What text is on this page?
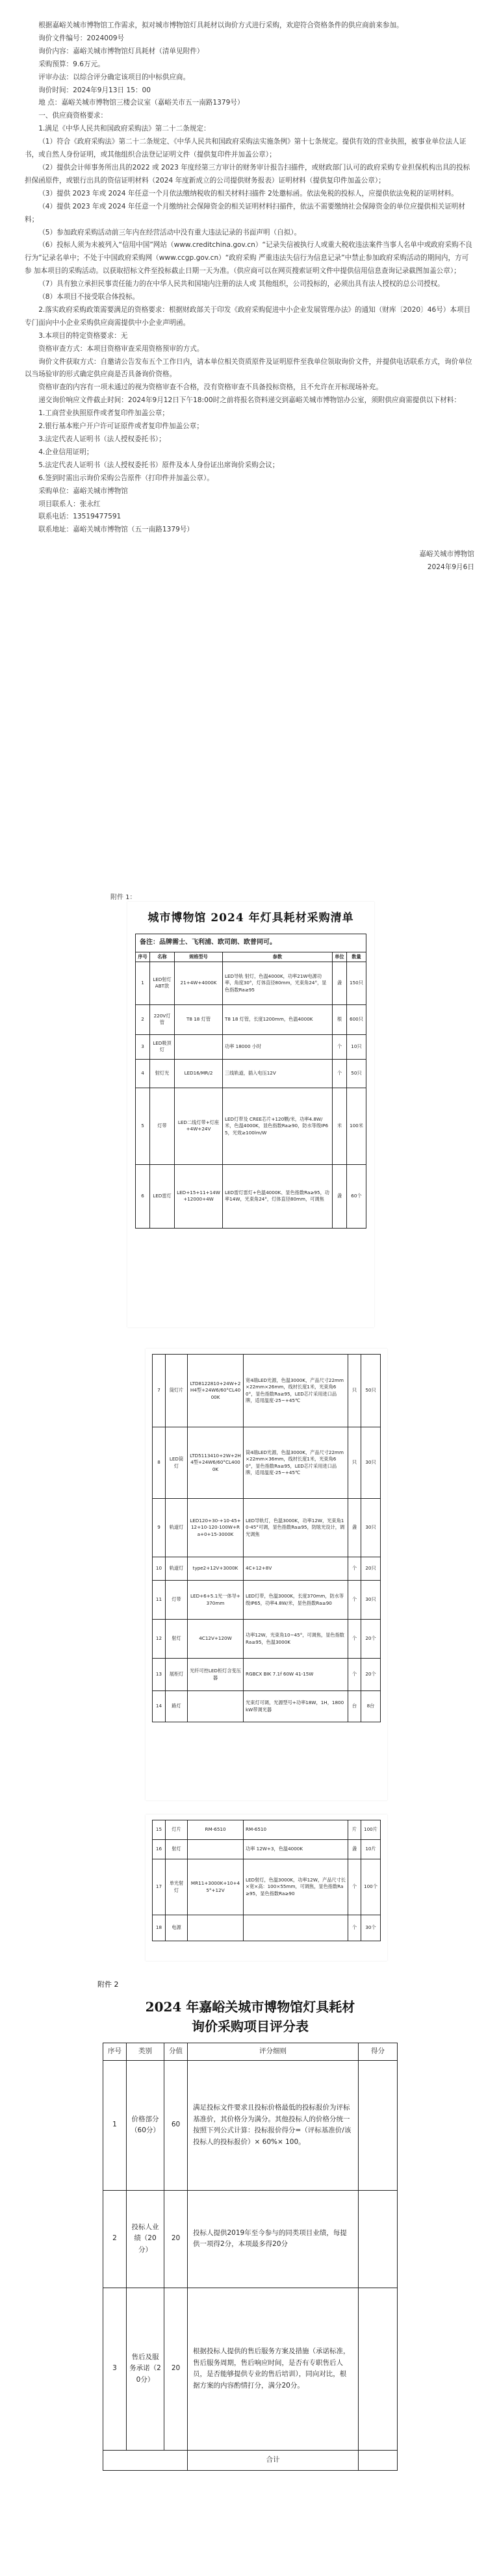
根据嘉峪关城市博物馆工作需求，拟对城市博物馆灯具耗材以询价方式进行采购，欢迎符合资格条件的供应商前来参加。

询价文件编号：2024009号

询价内容：嘉峪关城市博物馆灯具耗材（清单见附件）

采购预算：9.6万元。

评审办法：以综合评分确定该项目的中标供应商。

询价时间：2024年9月13日 15：00

地 点：嘉峪关城市博物馆三楼会议室（嘉峪关市五一南路1379号）

一、供应商资格要求：

1.满足《中华人民共和国政府采购法》第二十二条规定：

（1）符合《政府采购法》第二十二条规定、《中华人民共和国政府采购法实施条例》第十七条规定。提供有效的营业执照，被事业单位法人证书，或自然人身份证明，或其他组织合法登记证明文件（提供复印件并加盖公章）；

（2）提供会计师事务所出具的2022 或 2023 年度经第三方审计的财务审计报告扫描件，或财政部门认可的政府采购专业担保机构出具的投标担保函原件，或银行出具的资信证明材料（2024 年度新成立的公司提供财务报表）证明材料（提供复印件加盖公章）；

（3）提供 2023 年或 2024 年任意一个月依法缴纳税收的相关材料扫描件 2处邀标函。依法免税的投标人，应提供依法免税的证明材料。

（4）提供 2023 年或 2024 年任意一个月缴纳社会保障资金的相关证明材料扫描件，依法不需要缴纳社会保障资金的单位应提供相关证明材料；

（5）参加政府采购活动前三年内在经营活动中没有重大违法记录的书面声明（自拟）。

（6）投标人须为未被列入“信用中国”网站（www.creditchina.gov.cn）“记录失信被执行人或重大税收违法案件当事人名单中或政府采购不良行为”记录名单中；不处于中国政府采购网（www.ccgp.gov.cn）“政府采购 严重违法失信行为信息记录”中禁止参加政府采购活动的期间内，方可参 加本项目的采购活动。以获取招标文件至投标截止日期一天为准。（供应商可以在网页搜索证明文件中提供信用信息查询记录截图加盖公章）；

（7）具有独立承担民事责任能力的在中华人民共和国境内注册的法人或 其他组织，公司投标的，必须出具有法人授权的总公司授权。

（8）本项目不接受联合体投标。

2.落实政府采购政策需要满足的资格要求：根据财政部关于印发《政府采购促进中小企业发展管理办法》的通知（财库〔2020〕46号）本项目专门面向中小企业采购供应商需提供中小企业声明函。

3.本项目的特定资格要求：无

资格审查方式：本项目资格审查采用资格预审的方式。

询价文件获取方式：自邀请公告发布五个工作日内，请本单位相关资质原件及证明原件至我单位领取询价文件，并提供电话联系方式，询价单位以当场验审的形式确定供应商是否具备询价资格。

资格审查的内容有一项未通过的视为资格审查不合格，没有资格审查不具备投标资格，且不允许在开标现场补充。

递交询价响应文件截止时间：2024年9月12日下午18:00时之前将报名资料递交到嘉峪关城市博物馆办公室，须附供应商需提供以下材料：

1.工商营业执照原件或者复印件加盖公章；

2.银行基本账户开户许可证原件或者复印件加盖公章；

3.法定代表人证明书（法人授权委托书）；

4.企业信用证明；

5.法定代表人证明书（法人授权委托书）原件及本人身份证出席询价采购会议；

6.签到时需出示询价采购公告原件（打印件并加盖公章）。

采购单位：嘉峪关城市博物馆

项目联系人：张永红

联系电话：13519477591

联系地址：嘉峪关城市博物馆（五一南路1379号）

嘉峪关城市博物馆

2024年9月6日

附件 1：
城市博物馆 2024 年灯具耗材采购清单
备注：品牌需士、飞利浦、欧司朗、欧普同可。					
序号	名称	规格型号	参数	单位	数量
1	LED射灯ABT款	21+4W+4000K	LED导轨 射灯，色温4000K，功率21W电源功率，角度30°，灯体直径80mm，光束角24°，显色指数Ra≥95	盏	150只
2	220V灯管	T8 18 灯管	T8 18 灯管，长度1200mm，色温4000K	根	600只
3	LED吸顶灯		功率 18000 小时	个	10只
4	射灯光	LED16/MR/2	三线轨道，插入电压12V	个	50只
5	灯带	LED二线灯带+灯座+4W+24V	LED灯带及 CREE芯片+120颗/米，功率4.8W/米，色温4000K，显色指数Ra≥90，防水等级IP65，光效≥100lm/W	米	100米
6	LED雷灯	LED+15+11+14W+12000+4W	LED雷灯雷灯+色温4000K、显色指数Ra≥95，功率14W，光束角24°，灯体直径80mm，可调焦	盏	60个
7	筒灯片	LTD8122810+24W+2H4型+24W6/60°CL4000K	宽4端LED光源，色温3000K，产品尺寸22mm×22mm×26mm，线材长度1米，光束角60°，显色指数Ra≥95，LED芯片采用进口品牌，适用温度-25~+45℃	只	50只
8	LED筒灯	LTD5113410+2W+2H4型+24W6/60°CL4000K	筒4端LED光源，色温3000K，产品尺寸22mm×22mm×36mm，线材长度1米，光束角60°，显色指数Ra≥95，LED芯片采用进口品牌，适用温度-25~+45℃	只	30只
9	轨道灯	LED120+30-+10-45+12+10-120-100W+Ra+0+15-3000K	LED导轨灯，色温3000K，功率12W，光束角10-45°可调，显色指数Ra≥95，防眩光设计，调光调焦	盏	30只
10	轨道灯	type2+12V+3000K	4C+12+8V	个	20只
11	灯带	LED+6+5.1光一体导+370mm	LED灯带，色温3000K，长度370mm，防水等级IP65，功率4.8W/米，显色指数Ra≥90	个	30只
12	射灯	4C12V+120W	功率12W，光束角10~45°，可调焦，显色指数Ra≥95，色温3000K	个	20个
13	展柜灯	光纤可控LED柜灯含变压器	RGBCX BIK 7.1f 60W 41-15W	个	20个
14	路灯		光束灯可调，光源型号+功率18W，1H，1800kW带调光器	台	8台
15	灯片	RM-6510	RM-6510	片	100片
16	射灯		功率 12W+3，色温4000K	盏	10片
17	单光射灯	MR11+3000K+10+45°+12V	LED射灯，色温3000K，功率12W，产品尺寸长×宽×高：100×55mm，可调焦，显色指数Ra≥95，显色指数Ra≥90	个	100个
18	电源			个	30个
附件 2
2024 年嘉峪关城市博物馆灯具耗材
询价采购项目评分表
序号	类别	分值	评分细则	得分
1	价格部分（60分）	60	满足投标文件要求且投标价格最低的投标报价为评标基准价，其价格分为满分。其他投标人的价格分统一按照下列公式计算：投标报价得分=（评标基准价/该投标人的投标报价）× 60%× 100。	
2	投标人业绩（20分）	20	投标人提供2019年至今参与的同类项目业绩，每提供一项得2分，本项最多得20分	
3	售后及服务承诺（20分）	20	根据投标人提供的售后服务方案及措施（承诺标准，售后服务周期，售后响应时间，是否有专职售后人员，是否能够提供专业的售后培训），同向对比，根据方案的内容酌情打分，满分20分。	
			合计	
